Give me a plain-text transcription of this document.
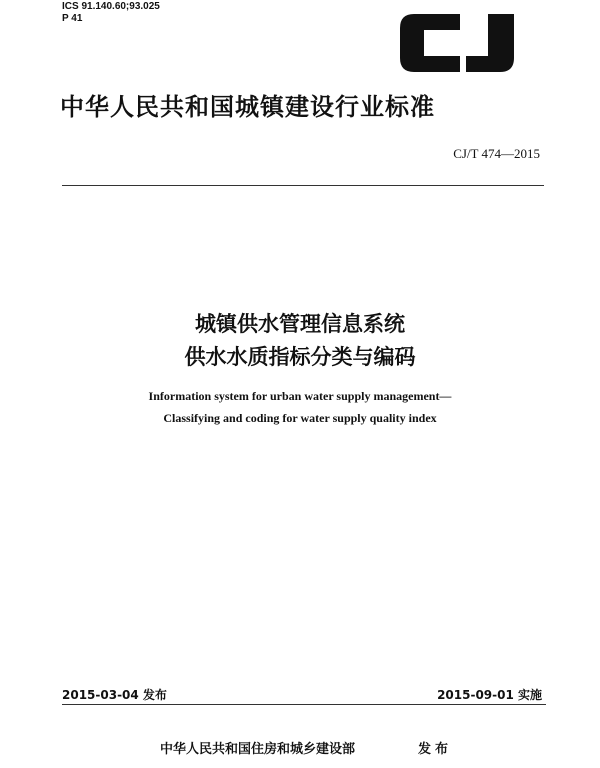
ICS 91.140.60;93.025
P 41
中华人民共和国城镇建设行业标准
CJ/T 474—2015
城镇供水管理信息系统
供水水质指标分类与编码
Information system for urban water supply management—
Classifying and coding for water supply quality index
2015-03-04 发布	2015-09-01 实施
中华人民共和国住房和城乡建设部	发布
